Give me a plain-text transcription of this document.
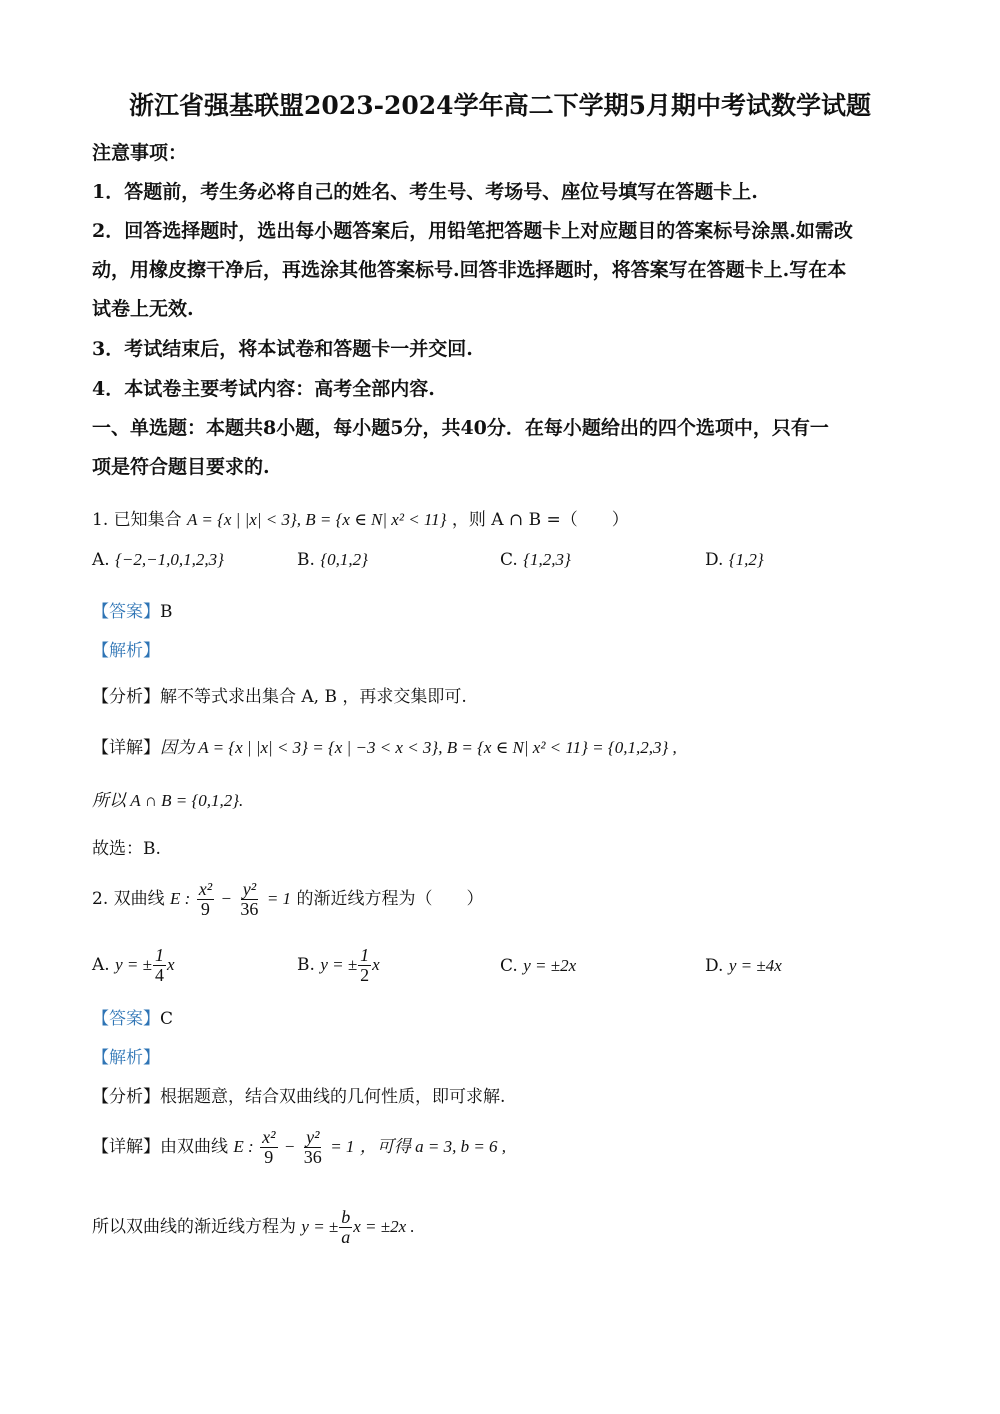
浙江省强基联盟2023-2024学年高二下学期5月期中考试数学试题
注意事项：
1．答题前，考生务必将自己的姓名、考生号、考场号、座位号填写在答题卡上.
2．回答选择题时，选出每小题答案后，用铅笔把答题卡上对应题目的答案标号涂黑.如需改
动，用橡皮擦干净后，再选涂其他答案标号.回答非选择题时，将答案写在答题卡上.写在本
试卷上无效.
3．考试结束后，将本试卷和答题卡一并交回.
4．本试卷主要考试内容：高考全部内容.
一、单选题：本题共8小题，每小题5分，共40分．在每小题给出的四个选项中，只有一
项是符合题目要求的.
1. 已知集合 A = {x | |x| < 3}, B = {x ∈ N| x² < 11} ，则 A ∩ B =（　　）
A. {−2,−1,0,1,2,3}	B. {0,1,2}	C. {1,2,3}	D. {1,2}
【答案】B
【解析】
【分析】解不等式求出集合 A, B ，再求交集即可.
【详解】因为 A = {x | |x| < 3} = {x | −3 < x < 3}, B = {x ∈ N| x² < 11} = {0,1,2,3} ,
所以 A ∩ B = {0,1,2}.
故选：B.
2. 双曲线 E : $\frac{\text{x²}}{9} - \frac{\text{y²}}{36} = 1$ 的渐近线方程为（　　）
A. y = ± $\frac{1}{4}$ x	B. y = ± $\frac{1}{2}$ x	C. y = ±2x	D. y = ±4x
【答案】C
【解析】
【分析】根据题意，结合双曲线的几何性质，即可求解.
【详解】由双曲线 E : $\frac{\text{x²}}{9} - \frac{\text{y²}}{36} = 1$ ，可得 a = 3, b = 6 ,
所以双曲线的渐近线方程为 y = ± $\frac{b}{a}$ x = ±2x .
